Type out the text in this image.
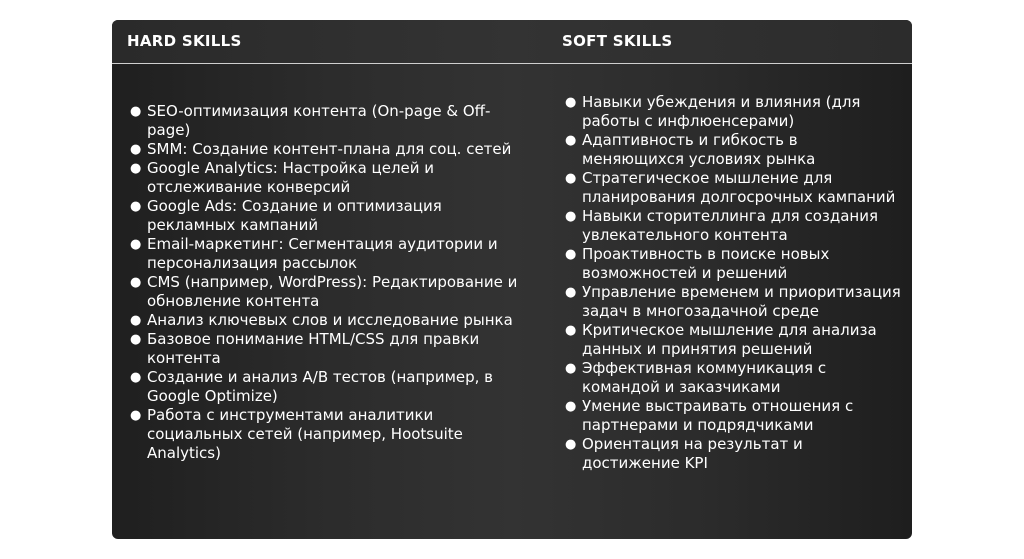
HARD SKILLS	SOFT SKILLS
● SEO-оптимизация контента (On-page & Off-page)
● SMM: Создание контент-плана для соц. сетей
● Google Analytics: Настройка целей и отслеживание конверсий
● Google Ads: Создание и оптимизация рекламных кампаний
● Email-маркетинг: Сегментация аудитории и персонализация рассылок
● CMS (например, WordPress): Редактирование и обновление контента
● Анализ ключевых слов и исследование рынка
● Базовое понимание HTML/CSS для правки контента
● Создание и анализ A/B тестов (например, в Google Optimize)
● Работа с инструментами аналитики социальных сетей (например, Hootsuite Analytics)
● Навыки убеждения и влияния (для работы с инфлюенсерами)
● Адаптивность и гибкость в меняющихся условиях рынка
● Стратегическое мышление для планирования долгосрочных кампаний
● Навыки сторителлинга для создания увлекательного контента
● Проактивность в поиске новых возможностей и решений
● Управление временем и приоритизация задач в многозадачной среде
● Критическое мышление для анализа данных и принятия решений
● Эффективная коммуникация с командой и заказчиками
● Умение выстраивать отношения с партнерами и подрядчиками
● Ориентация на результат и достижение KPI
